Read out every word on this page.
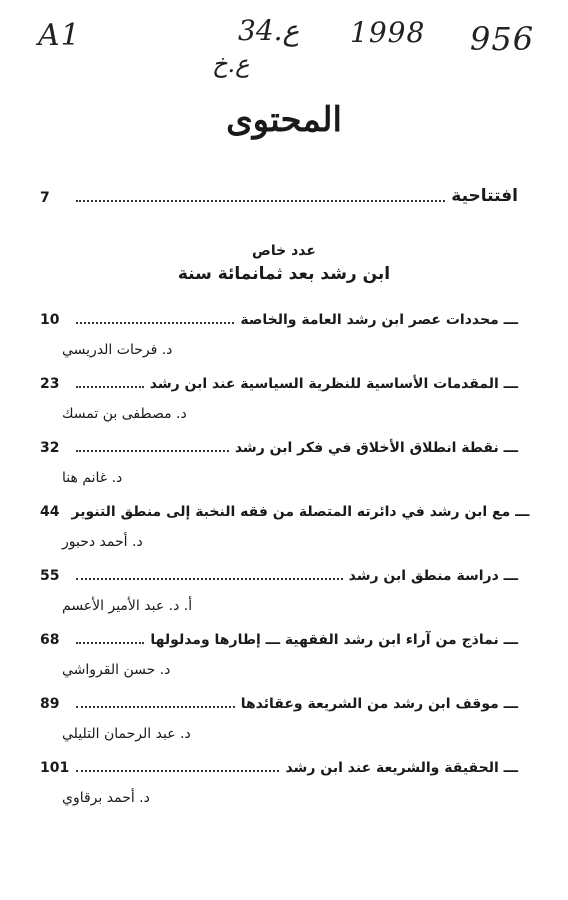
A1	34.ع
ع.خ
1998 956
المحتوى
7	افتتاحية
عدد خاص
ابن رشد بعد ثمانمائة سنة
10	ـــ محددات عصر ابن رشد العامة والخاصة
د. فرحات الدريسي
23	ـــ المقدمات الأساسية للنظرية السياسية عند ابن رشد
د. مصطفى بن تمسك
32	ـــ نقطة انطلاق الأخلاق في فكر ابن رشد
د. غانم هنا
44 ـــ مع ابن رشد في دائرته المتصلة من فقه النخبة إلى منطق التنوير
د. أحمد دحبور
55	ـــ دراسة منطق ابن رشد
أ. د. عبد الأمير الأعسم
68	ـــ نماذج من آراء ابن رشد الفقهية ـــ إطارها ومدلولها
د. حسن القرواشي
89	ـــ موقف ابن رشد من الشريعة وعقائدها
د. عبد الرحمان التليلي
101	ـــ الحقيقة والشريعة عند ابن رشد
د. أحمد برقاوي
